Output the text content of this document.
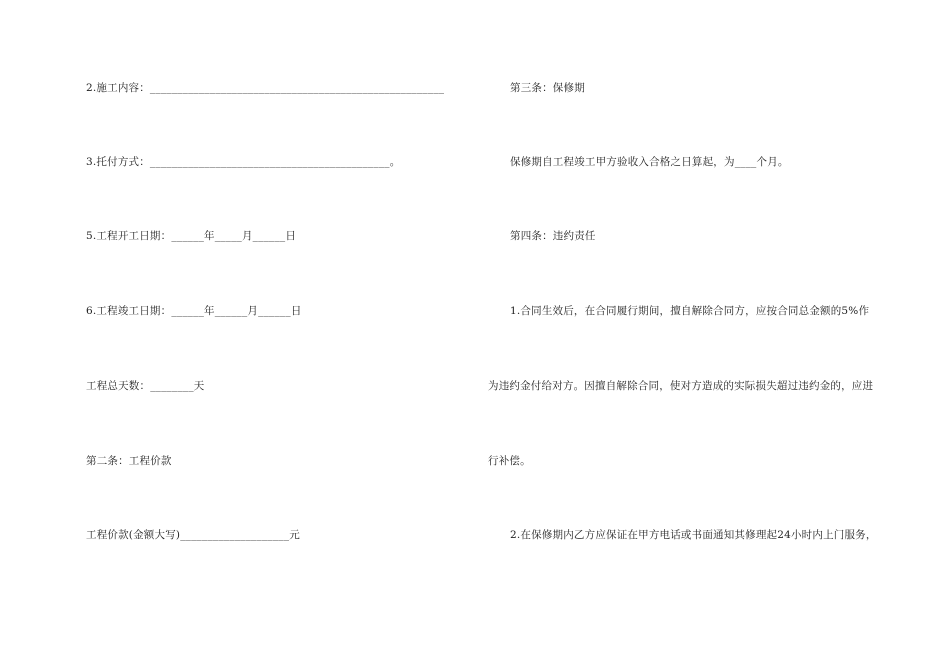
2.施工内容：______________________________________________________
3.托付方式：____________________________________________。
5.工程开工日期：______年_____月______日
6.工程竣工日期：______年______月______日
工程总天数：________天
第二条：工程价款
工程价款(金额大写)____________________元
第三条：保修期
保修期自工程竣工甲方验收入合格之日算起，为____个月。
第四条：违约责任
1.合同生效后，在合同履行期间，擅自解除合同方，应按合同总金额的5%作
为违约金付给对方。因擅自解除合同，使对方造成的实际损失超过违约金的，应进
行补偿。
2.在保修期内乙方应保证在甲方电话或书面通知其修理起24小时内上门服务，
